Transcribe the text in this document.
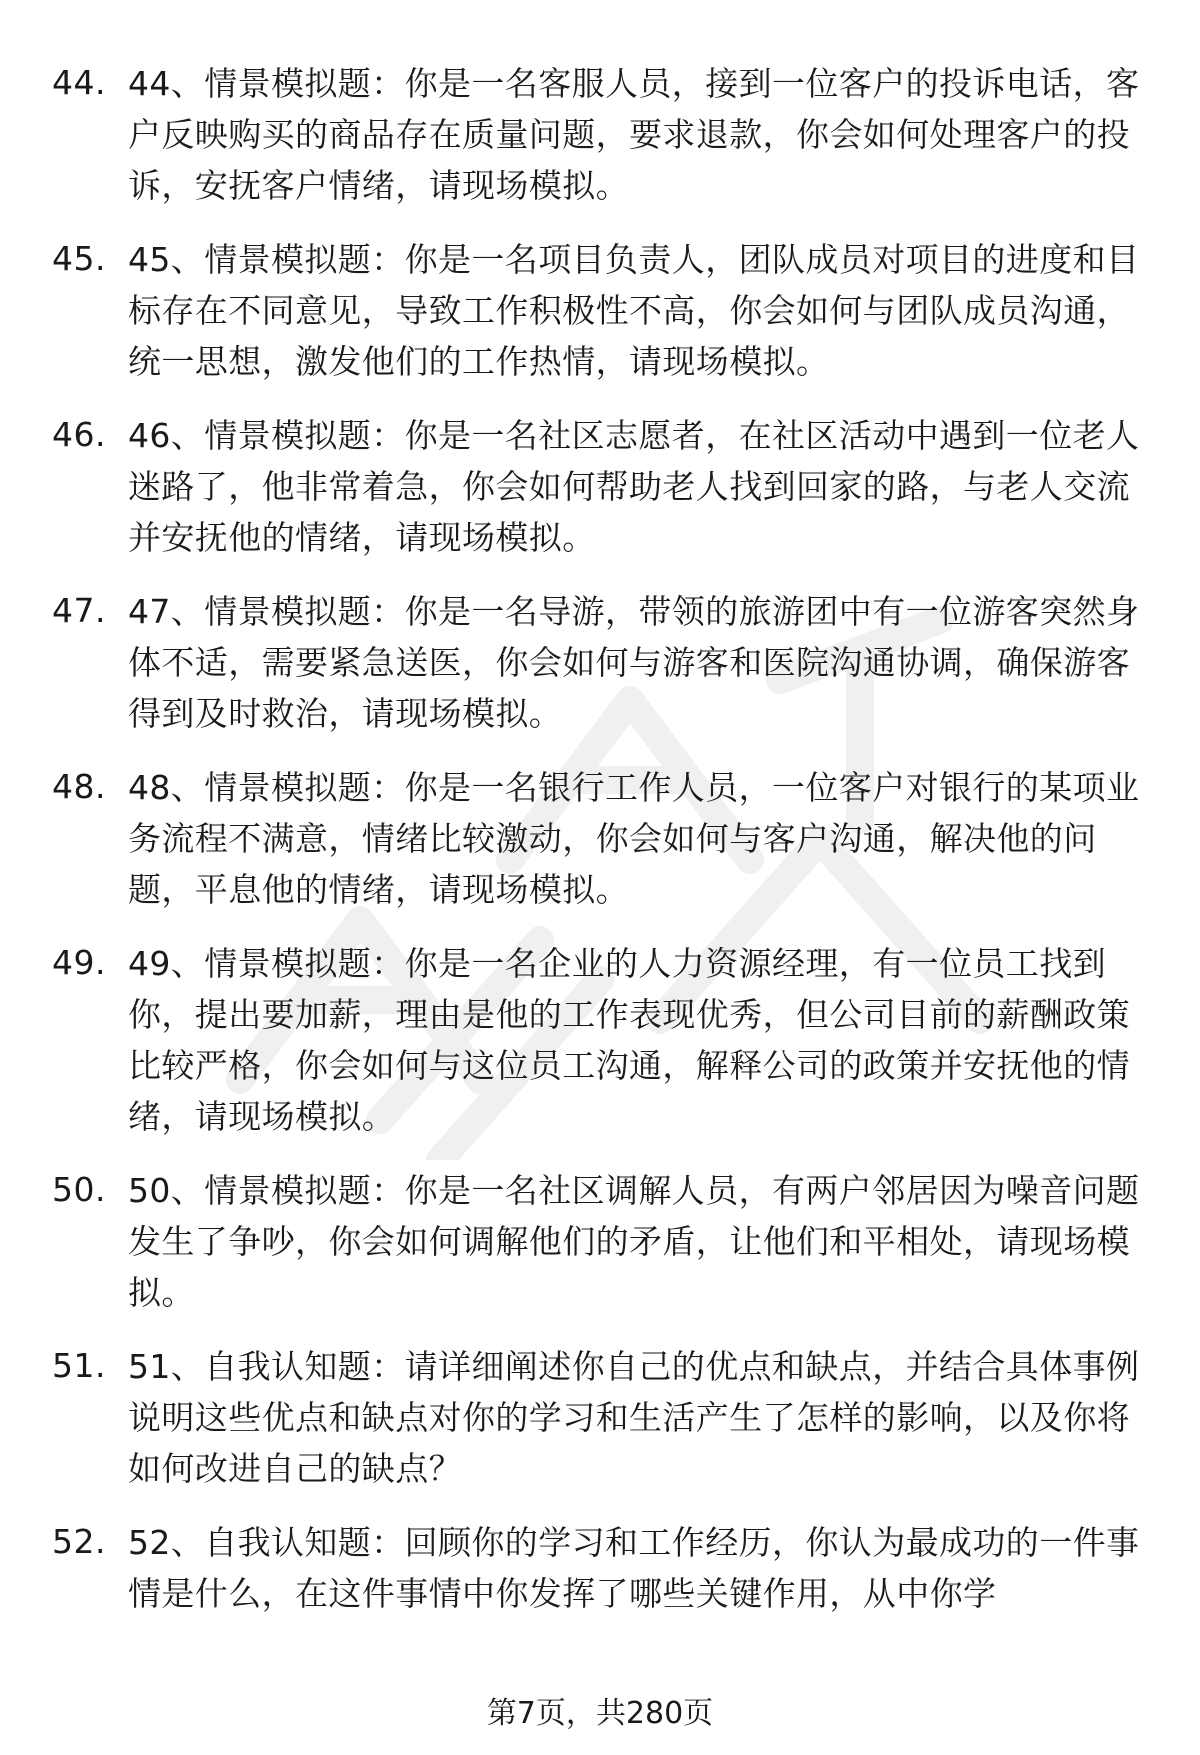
44. 44、情景模拟题：你是一名客服人员，接到一位客户的投诉电话，客户反映购买的商品存在质量问题，要求退款，你会如何处理客户的投诉，安抚客户情绪，请现场模拟。

45. 45、情景模拟题：你是一名项目负责人，团队成员对项目的进度和目标存在不同意见，导致工作积极性不高，你会如何与团队成员沟通，统一思想，激发他们的工作热情，请现场模拟。

46. 46、情景模拟题：你是一名社区志愿者，在社区活动中遇到一位老人迷路了，他非常着急，你会如何帮助老人找到回家的路，与老人交流并安抚他的情绪，请现场模拟。

47. 47、情景模拟题：你是一名导游，带领的旅游团中有一位游客突然身体不适，需要紧急送医，你会如何与游客和医院沟通协调，确保游客得到及时救治，请现场模拟。

48. 48、情景模拟题：你是一名银行工作人员，一位客户对银行的某项业务流程不满意，情绪比较激动，你会如何与客户沟通，解决他的问题，平息他的情绪，请现场模拟。

49. 49、情景模拟题：你是一名企业的人力资源经理，有一位员工找到你，提出要加薪，理由是他的工作表现优秀，但公司目前的薪酬政策比较严格，你会如何与这位员工沟通，解释公司的政策并安抚他的情绪，请现场模拟。

50. 50、情景模拟题：你是一名社区调解人员，有两户邻居因为噪音问题发生了争吵，你会如何调解他们的矛盾，让他们和平相处，请现场模拟。

51. 51、自我认知题：请详细阐述你自己的优点和缺点，并结合具体事例说明这些优点和缺点对你的学习和生活产生了怎样的影响，以及你将如何改进自己的缺点？

52. 52、自我认知题：回顾你的学习和工作经历，你认为最成功的一件事情是什么，在这件事情中你发挥了哪些关键作用，从中你学

第7页，共280页
